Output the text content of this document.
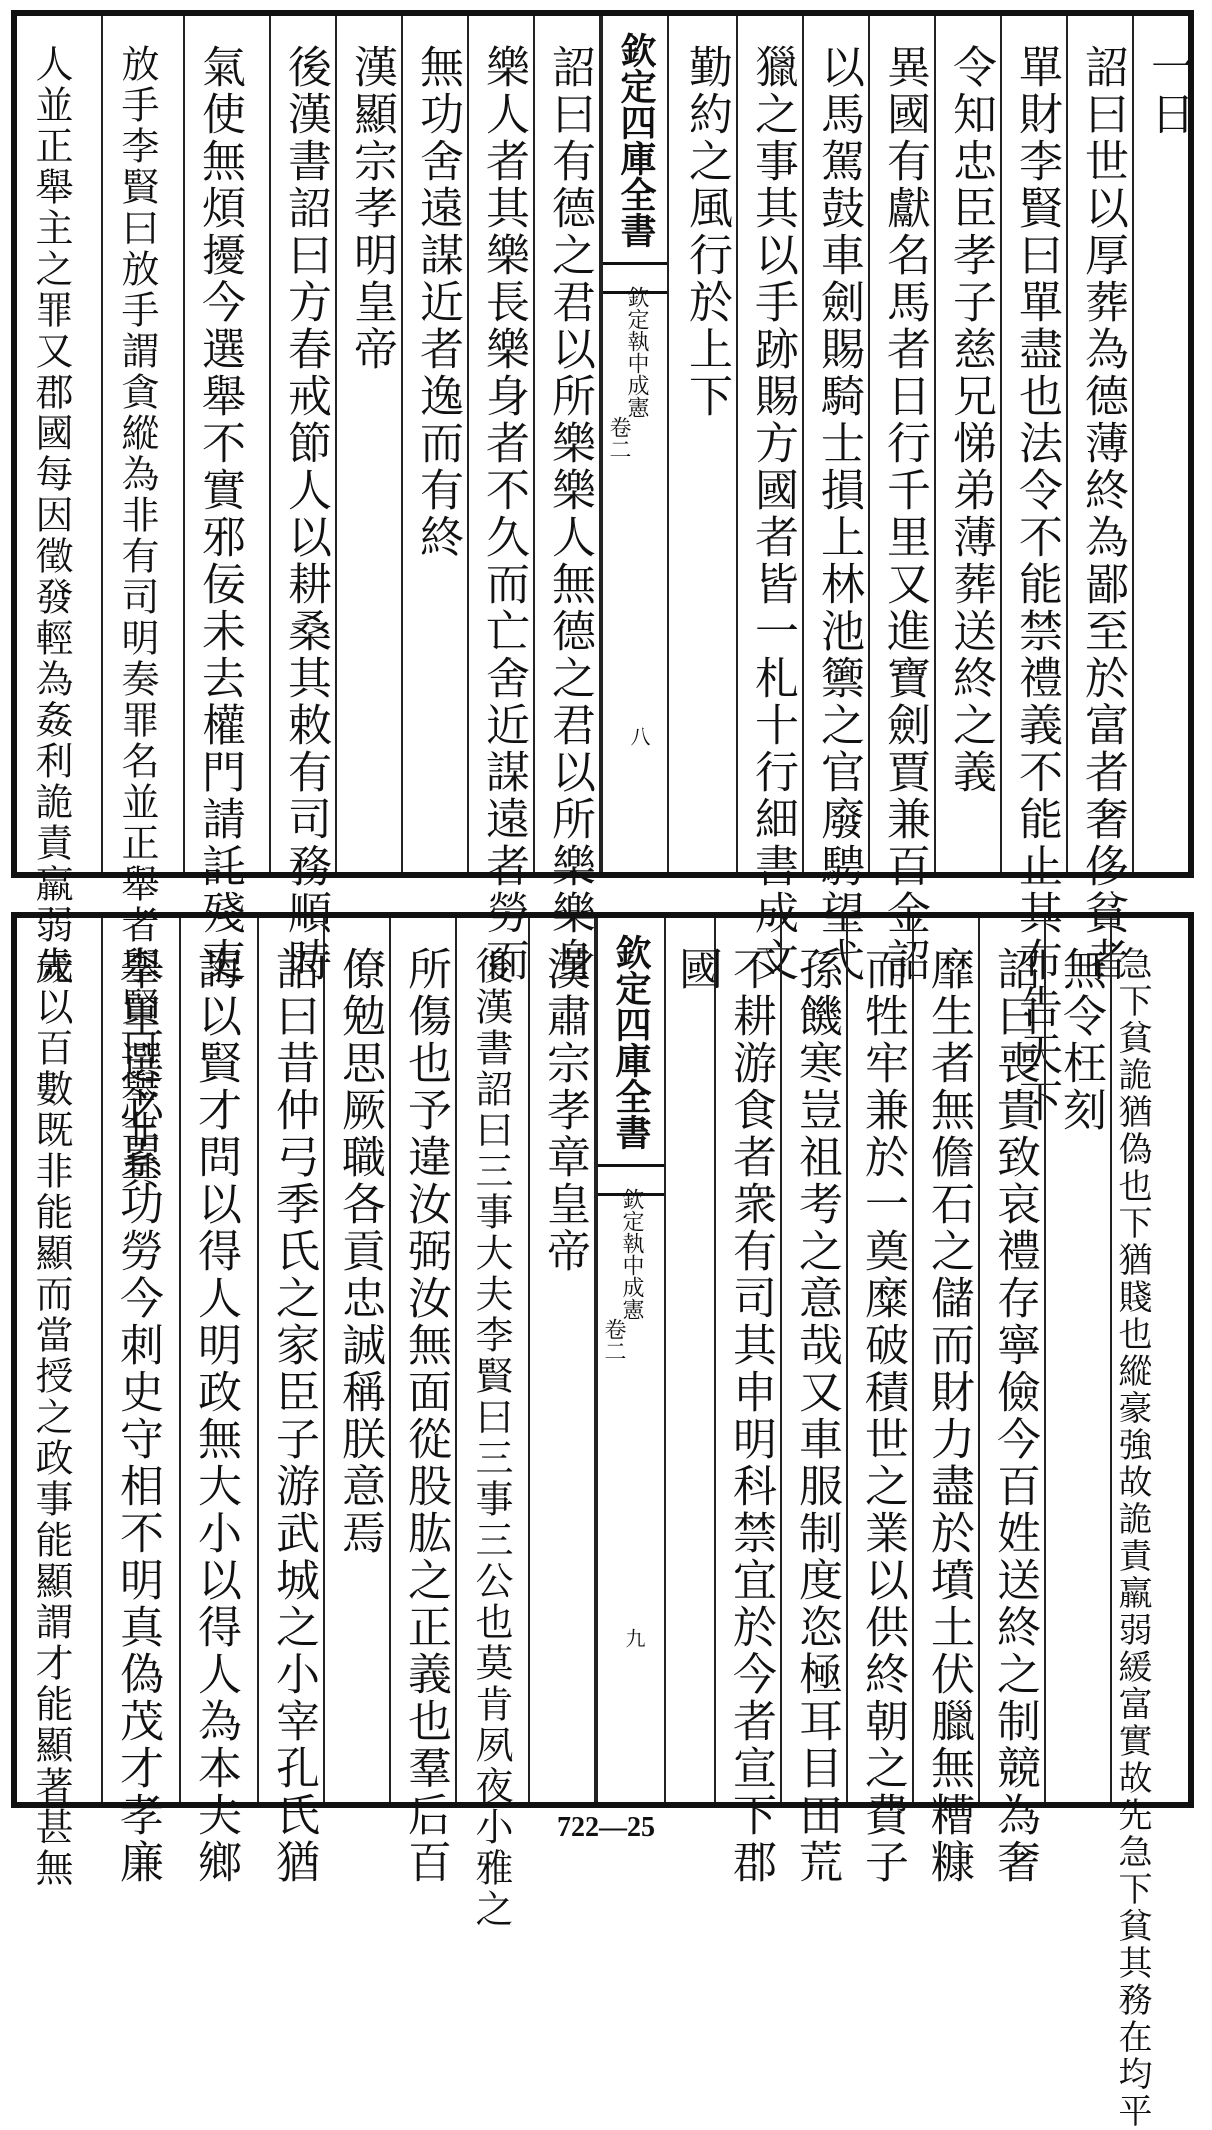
一日
詔曰世以厚葬為德薄終為鄙至於富者奢侈貧者
單財李賢曰單盡也法令不能禁禮義不能止其布告天下
令知忠臣孝子慈兄悌弟薄葬送終之義
異國有獻名馬者日行千里又進寶劍賈兼百金詔
以馬駕鼓車劍賜騎士損上林池籞之官廢騁望弋
獵之事其以手跡賜方國者皆一札十行細書成文
勤約之風行於上下
欽定四庫全書
欽定執中成憲
卷二
八
詔曰有德之君以所樂樂人無德之君以所樂樂身
樂人者其樂長樂身者不久而亡舍近謀遠者勞而
無功舍遠謀近者逸而有終
漢顯宗孝明皇帝
後漢書詔曰方春戒節人以耕桑其敕有司務順時
氣使無煩擾今選舉不實邪佞未去權門請託殘吏
放手李賢曰放手謂貪縱為非有司明奏罪名並正舉者李賢曰舉非其
人並正舉主之罪又郡國每因徵發輕為姦利詭責羸弱先
急下貧詭猶偽也下猶賤也縱豪強故詭責羸弱緩富實故先急下貧其務在均平
無令枉刻
詔曰喪貴致哀禮存寧儉今百姓送終之制競為奢
靡生者無儋石之儲而財力盡於墳土伏臘無糟糠
而牲牢兼於一奠糜破積世之業以供終朝之費子
孫饑寒豈祖考之意哉又車服制度恣極耳目田荒
不耕游食者衆有司其申明科禁宜於今者宣下郡
國
欽定四庫全書
欽定執中成憲
卷二
九
漢肅宗孝章皇帝
後漢書詔曰三事大夫李賢曰三事三公也莫肯夙夜小雅之
所傷也予違汝弼汝無面從股肱之正義也羣后百
僚勉思厥職各貢忠誠稱朕意焉
詔曰昔仲弓季氏之家臣子游武城之小宰孔氏猶
誨以賢才問以得人明政無大小以得人為本夫鄉
舉里選必累功勞今刺史守相不明真偽茂才孝廉
歲以百數既非能顯而當授之政事能顯謂才能顯著甚無	722—25
